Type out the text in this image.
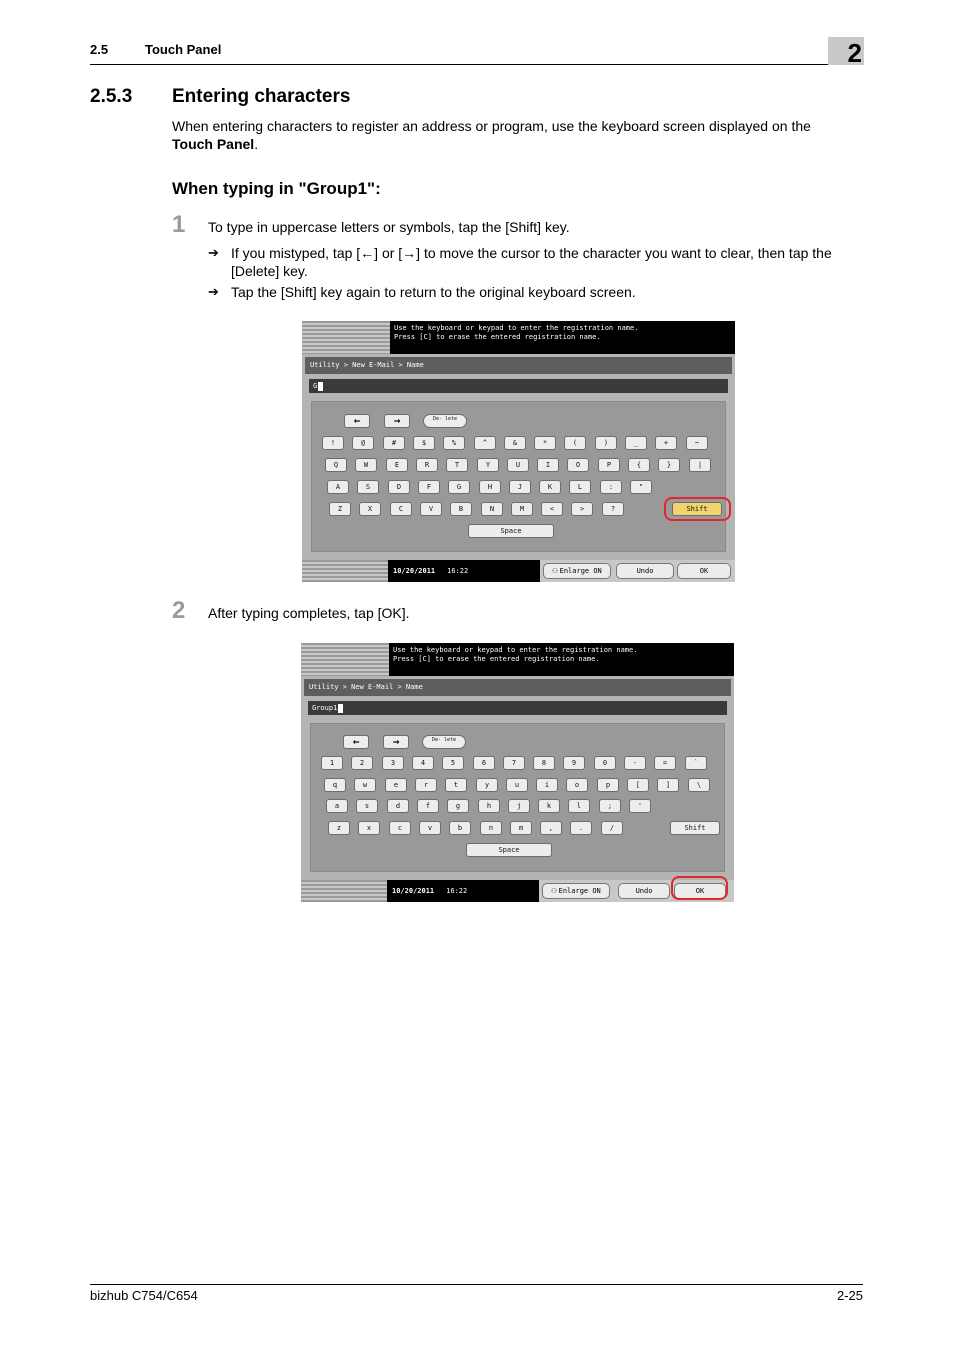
2.5	Touch Panel	2
2.5.3 Entering characters
When entering characters to register an address or program, use the keyboard screen displayed on the Touch Panel.
When typing in "Group1":
1 To type in uppercase letters or symbols, tap the [Shift] key.
➔ If you mistyped, tap [←] or [→] to move the cursor to the character you want to clear, then tap the [Delete] key.
➔ Tap the [Shift] key again to return to the original keyboard screen.
Use the keyboard or keypad to enter the registration name.
Press [C] to erase the entered registration name.
Utility > New E-Mail > Name
G
10/20/2011 16:22	⚇ Enlarge ON	Undo	OK
←	→	De- lete
!	@	#	$	%	^	&	*	(	)	_	+	~
Q	W	E	R	T	Y	U	I	O	P	{	}	|
A	S	D	F	G	H	J	K	L	:	"
Z	X	C	V	B	N	M	<	>	?	Shift
Space
2 After typing completes, tap [OK].
Use the keyboard or keypad to enter the registration name.
Press [C] to erase the entered registration name.
Utility > New E-Mail > Name
Group1
10/20/2011 16:22	⚇ Enlarge ON	Undo	OK
←	→	De- lete
1	2	3	4	5	6	7	8	9	0	-	=	`
q	w	e	r	t	y	u	i	o	p	[	]	\
a	s	d	f	g	h	j	k	l	;	'
z	x	c	v	b	n	m	,	.	/	Shift
Space
bizhub C754/C654	2-25
